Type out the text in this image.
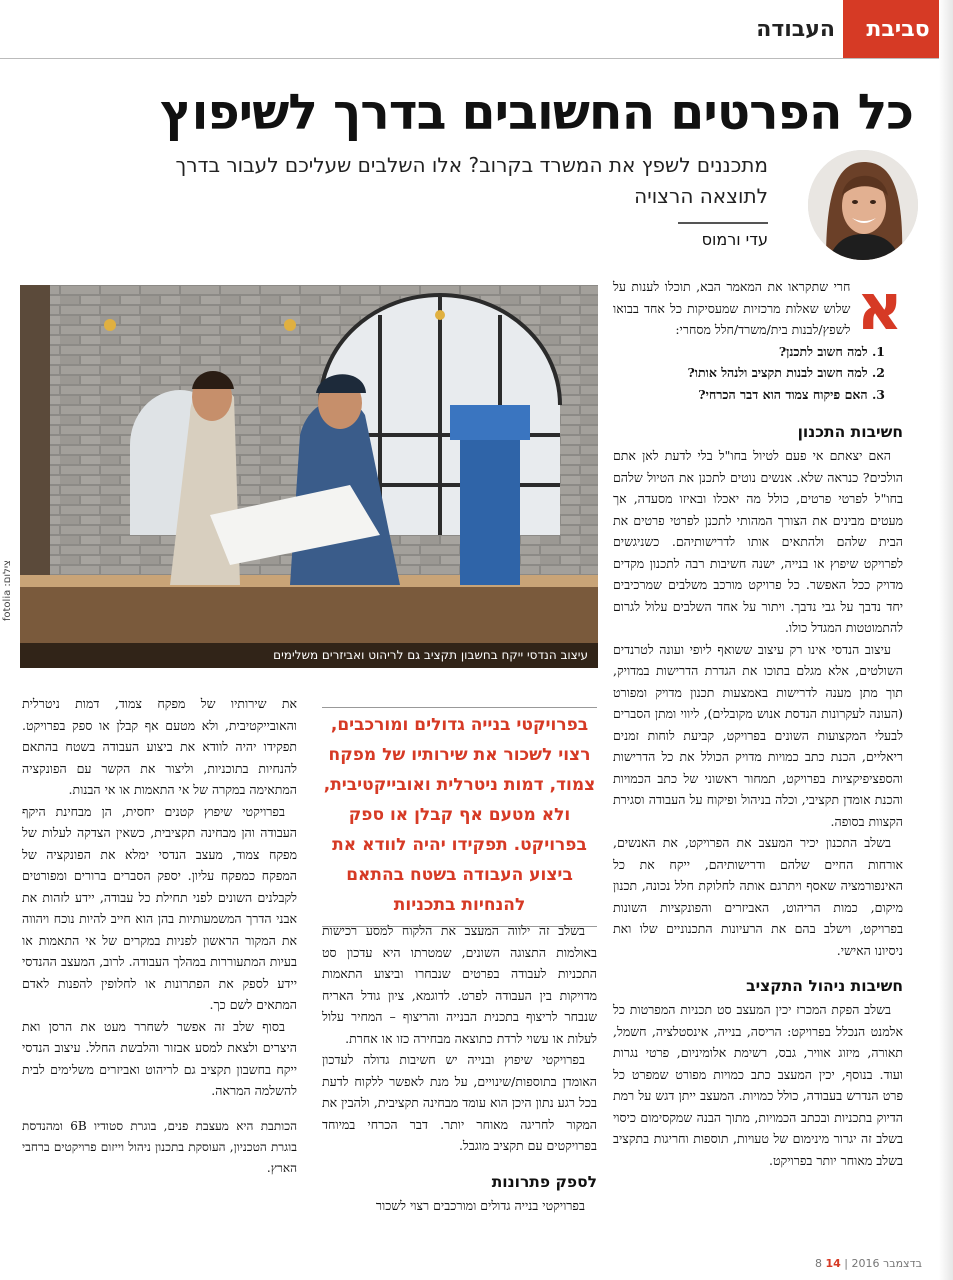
סביבת
העבודה
כל הפרטים החשובים בדרך לשיפוץ
מתכננים לשפץ את המשרד בקרוב? אלו השלבים שעליכם לעבור בדרך לתוצאה הרצויה
עדי ורמוס
עיצוב הנדסי ייקח בחשבון תקציב גם לריהוט ואביזרים משלימים
צילום: fotolia
א

חרי שתקראו את המאמר הבא, תוכלו לענות על שלוש שאלות מרכזיות שמעסיקות כל אחד בבואו לשפץ/לבנות בית/משרד/חלל מסחרי:

1. למה חשוב לתכנן?
2. למה חשוב לבנות תקציב ולנהל אותו?
3. האם פיקוח צמוד הוא דבר הכרחי?
חשיבות התכנון

האם יצאתם אי פעם לטיול בחו"ל בלי לדעת לאן אתם הולכים? כנראה שלא. אנשים נוטים לתכנן את הטיול שלהם בחו"ל לפרטי פרטים, כולל מה יאכלו ובאיזו מסעדה, אך מעטים מבינים את הצורך המהותי לתכנן לפרטי פרטים את הבית שלהם ולהתאים אותו לדרישותיהם. כשניגשים לפרויקט שיפוץ או בנייה, ישנה חשיבות רבה לתכנון מקדים מדויק ככל האפשר. כל פרויקט מורכב משלבים שמרכיבים יחד נדבך על גבי נדבך. ויתור על אחד השלבים עלול לגרום להתמוטטות המגדל כולו.

עיצוב הנדסי אינו רק עיצוב ששואף ליופי ועונה לטרנדים השולטים, אלא מגלם בתוכו את הגדרת הדרישות במדויק, תוך מתן מענה לדרישות באמצעות תכנון מדויק ומפורט (העונה לעקרונות הנדסת אנוש מקובלים), ליווי ומתן הסברים לבעלי המקצועות השונים בפרויקט, קביעת לוחות זמנים ריאליים, הכנת כתב כמויות מדויק הכולל את כל הדרישות והספציפיקציות בפרויקט, תמחור ראשוני של כתב הכמויות והכנת אומדן תקציבי, וכלה בניהול ופיקוח על העבודה וסגירת הקצוות בסופה.

בשלב התכנון יכיר המעצב את הפרויקט, את האנשים, אורחות החיים שלהם ודרישותיהם, ייקח את כל האינפורמציה שאסף ויתרגם אותה לחלוקת חלל נכונה, תכנון מיקום, כמות הריהוט, האביזרים והפונקציות השונות בפרויקט, וישלב בהם את הרעיונות התכנוניים שלו ואת ניסיונו האישי.

חשיבות ניהול התקציב

בשלב הפקת המכרז יכין המעצב סט תכניות המפרטות כל אלמנט הנכלל בפרויקט: הריסה, בנייה, אינסטלציה, חשמל, תאורה, מיזוג אוויר, גבס, רשימת אלומיניום, פרטי נגרות ועוד. בנוסף, יכין המעצב כתב כמויות מפורט שמפרט כל פרט הנדרש בעבודה, כולל כמויות. המעצב ייתן דגש על רמת הדיוק בתכניות ובכתב הכמויות, מתוך הבנה שמקסימום כיסוי בשלב זה יגרור מינימום של טעויות, תוספות וחריגות בתקציב בשלב מאוחר יותר בפרויקט.

בפרויקטי בנייה גדולים ומורכבים, רצוי לשכור את שירותיו של מפקח צמוד, דמות ניטרלית ואובייקטיבית, ולא מטעם אף קבלן או ספק בפרויקט. תפקידו יהיה לוודא את ביצוע העבודה בשטח בהתאם להנחיות בתכניות

בשלב זה ילווה המעצב את הלקוח למסע רכישות באולמות התצוגה השונים, שמטרתו היא עדכון סט התכניות לעבודה בפרטים שנבחרו וביצוע התאמות מדויקות בין העבודה לפרט. לדוגמא, ציון גודל האריח שנבחר לריצוף בתכנית הבנייה והריצוף – המחיר עלול לעלות או עשוי לרדת כתוצאה מבחירה כזו או אחרת.

בפרויקטי שיפוץ ובנייה יש חשיבות גדולה לעדכון האומדן בתוספות/שינויים, על מנת לאפשר ללקוח לדעת בכל רגע נתון היכן הוא עומד מבחינה תקציבית, ולהבין את המקור לחריגה מאוחר יותר. דבר הכרחי במיוחד בפרויקטים עם תקציב מוגבל.

לספק פתרונות

בפרויקטי בנייה גדולים ומורכבים רצוי לשכור

את שירותיו של מפקח צמוד, דמות ניטרלית והאובייקטיבית, ולא מטעם אף קבלן או ספק בפרויקט. תפקידו יהיה לוודא את ביצוע העבודה בשטח בהתאם להנחיות בתוכניות, וליצור את הקשר עם הפונקציה המתאימה במקרה של אי התאמות או אי הבנות.

בפרויקטי שיפוץ קטנים יחסית, הן מבחינת היקף העבודה והן מבחינה תקציבית, כשאין הצדקה לעלות של מפקח צמוד, מעצב הנדסי ימלא את הפונקציה של המפקח כמפקח עליון. יספק הסברים ברורים ומפורטים לקבלנים השונים לפני תחילת כל עבודה, יידע לזהות את אבני הדרך המשמעותיות בהן הוא חייב להיות נוכח ויהווה את המקור הראשון לפניות במקרים של אי התאמות או בעיות המתעוררות במהלך העבודה. לרוב, המעצב ההנדסי יידע לספק את הפתרונות או לחלופין להפנות לאדם המתאים לשם כך.

בסוף שלב זה אפשר לשחרר מעט את הרסן ואת היצרים ולצאת למסע אבזור והלבשת החלל. עיצוב הנדסי ייקח בחשבון תקציב גם לריהוט ואביזרים משלימים לבית להשלמה המראה.

הכותבת היא מעצבת פנים, בוגרת סטודיו 6B ומהנדסת בוגרת הטכניון, העוסקת בתכנון ניהול וייזום פרויקטים ברחבי הארץ.

8 בדצמבר 2016 | 14
